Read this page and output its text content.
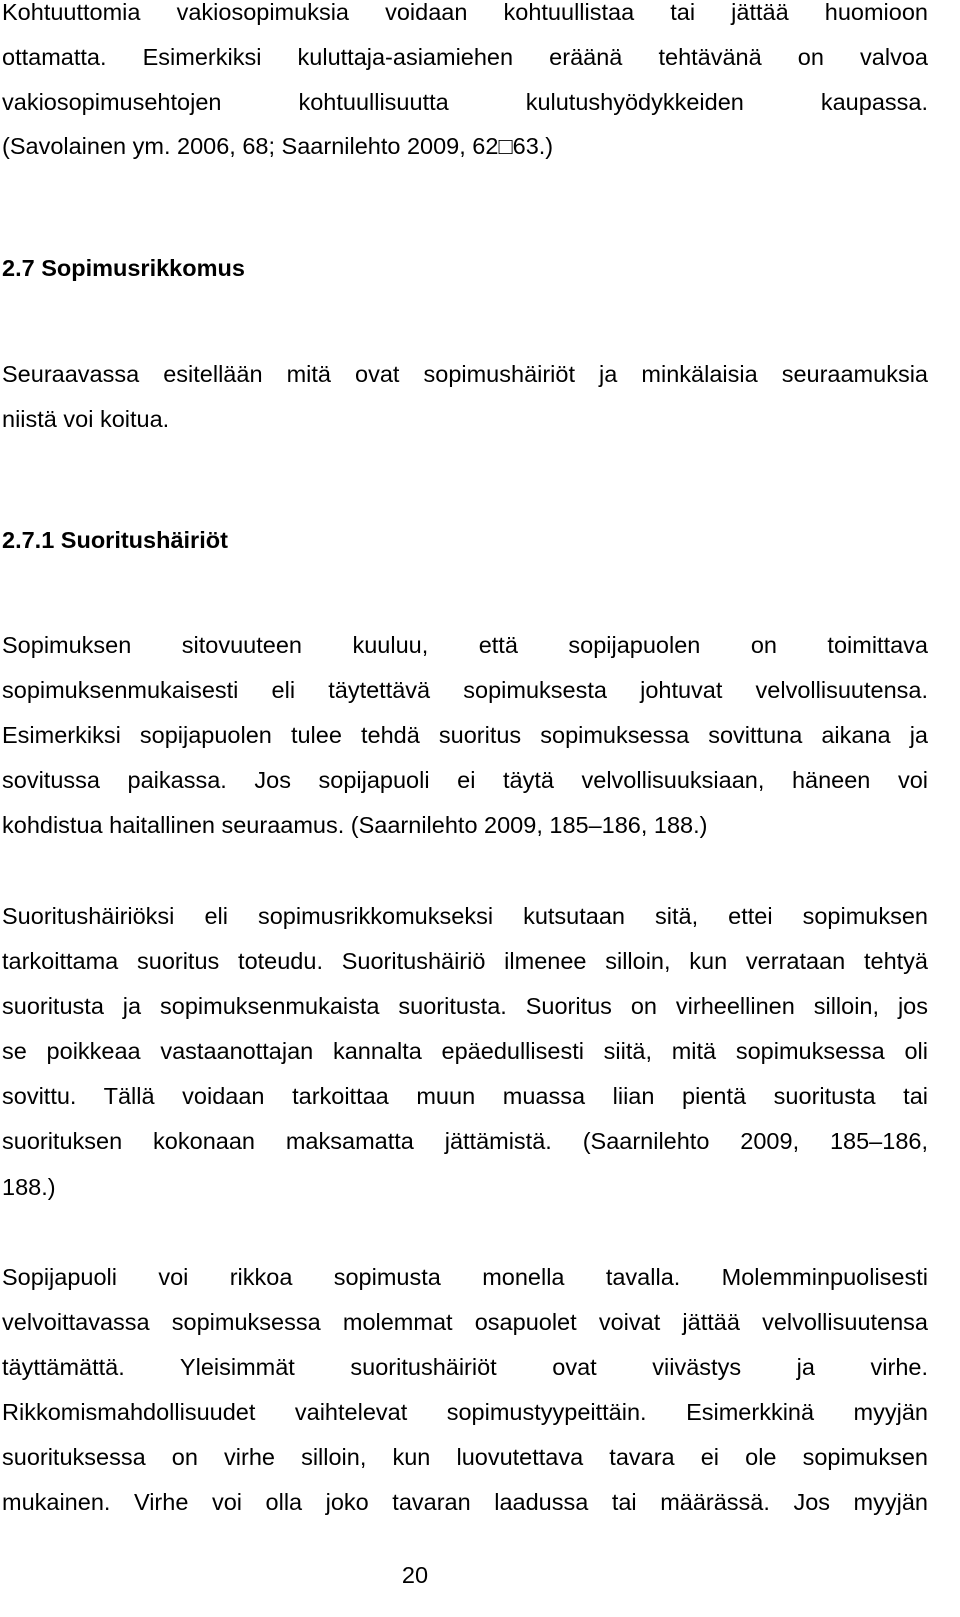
Kohtuuttomia vakiosopimuksia voidaan kohtuullistaa tai jättää huomioon
ottamatta. Esimerkiksi kuluttaja-asiamiehen eräänä tehtävänä on valvoa
vakiosopimusehtojen kohtuullisuutta kulutushyödykkeiden kaupassa.
(Savolainen ym. 2006, 68; Saarnilehto 2009, 62□63.)
2.7 Sopimusrikkomus
Seuraavassa esitellään mitä ovat sopimushäiriöt ja minkälaisia seuraamuksia
niistä voi koitua.
2.7.1 Suoritushäiriöt
Sopimuksen sitovuuteen kuuluu, että sopijapuolen on toimittava
sopimuksenmukaisesti eli täytettävä sopimuksesta johtuvat velvollisuutensa.
Esimerkiksi sopijapuolen tulee tehdä suoritus sopimuksessa sovittuna aikana ja
sovitussa paikassa. Jos sopijapuoli ei täytä velvollisuuksiaan, häneen voi
kohdistua haitallinen seuraamus. (Saarnilehto 2009, 185–186, 188.)
Suoritushäiriöksi eli sopimusrikkomukseksi kutsutaan sitä, ettei sopimuksen
tarkoittama suoritus toteudu. Suoritushäiriö ilmenee silloin, kun verrataan tehtyä
suoritusta ja sopimuksenmukaista suoritusta. Suoritus on virheellinen silloin, jos
se poikkeaa vastaanottajan kannalta epäedullisesti siitä, mitä sopimuksessa oli
sovittu. Tällä voidaan tarkoittaa muun muassa liian pientä suoritusta tai
suorituksen kokonaan maksamatta jättämistä. (Saarnilehto 2009, 185–186,
188.)
Sopijapuoli voi rikkoa sopimusta monella tavalla. Molemminpuolisesti
velvoittavassa sopimuksessa molemmat osapuolet voivat jättää velvollisuutensa
täyttämättä. Yleisimmät suoritushäiriöt ovat viivästys ja virhe.
Rikkomismahdollisuudet vaihtelevat sopimustyypeittäin. Esimerkkinä myyjän
suorituksessa on virhe silloin, kun luovutettava tavara ei ole sopimuksen
mukainen. Virhe voi olla joko tavaran laadussa tai määrässä. Jos myyjän
20
